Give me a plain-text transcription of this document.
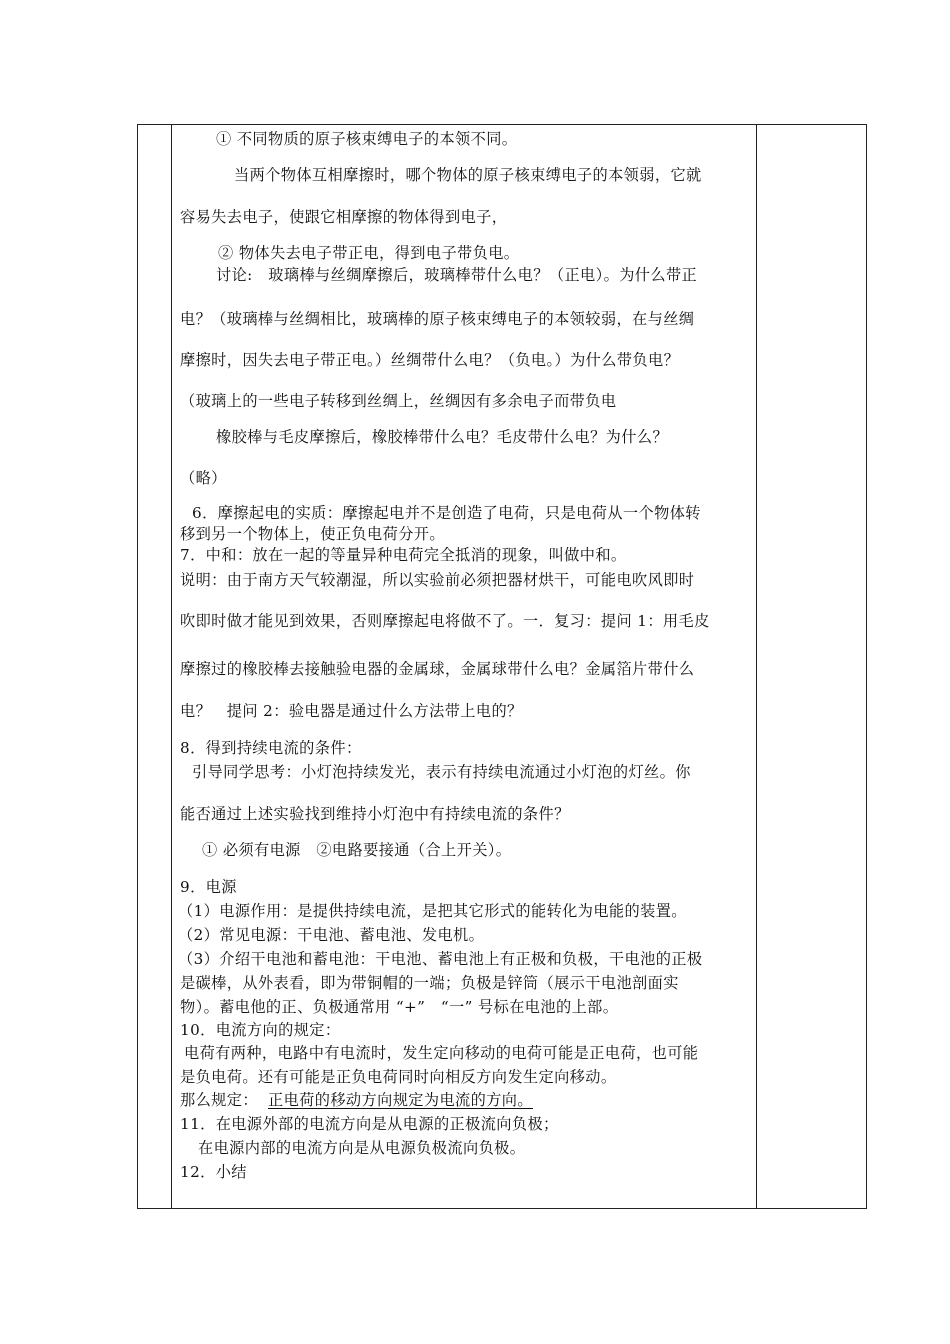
① 不同物质的原子核束缚电子的本领不同。
当两个物体互相摩擦时，哪个物体的原子核束缚电子的本领弱，它就
容易失去电子，使跟它相摩擦的物体得到电子，
② 物体失去电子带正电，得到电子带负电。
讨论:　玻璃棒与丝绸摩擦后，玻璃棒带什么电？（正电）。为什么带正
电？（玻璃棒与丝绸相比，玻璃棒的原子核束缚电子的本领较弱，在与丝绸
摩擦时，因失去电子带正电。）丝绸带什么电？（负电。）为什么带负电？
（玻璃上的一些电子转移到丝绸上，丝绸因有多余电子而带负电
橡胶棒与毛皮摩擦后，橡胶棒带什么电？毛皮带什么电？为什么？
（略）
6．摩擦起电的实质：摩擦起电并不是创造了电荷，只是电荷从一个物体转
移到另一个物体上，使正负电荷分开。
7．中和：放在一起的等量异种电荷完全抵消的现象，叫做中和。
说明：由于南方天气较潮湿，所以实验前必须把器材烘干，可能电吹风即时
吹即时做才能见到效果，否则摩擦起电将做不了。一．复习：提问 1：用毛皮
摩擦过的橡胶棒去接触验电器的金属球，金属球带什么电？金属箔片带什么
电？　提问 2：验电器是通过什么方法带上电的？
8．得到持续电流的条件：
引导同学思考：小灯泡持续发光，表示有持续电流通过小灯泡的灯丝。你
能否通过上述实验找到维持小灯泡中有持续电流的条件？
① 必须有电源　②电路要接通（合上开关）。
9．电源
（1）电源作用：是提供持续电流，是把其它形式的能转化为电能的装置。
（2）常见电源：干电池、蓄电池、发电机。
（3）介绍干电池和蓄电池：干电池、蓄电池上有正极和负极，干电池的正极
是碳棒，从外表看，即为带铜帽的一端；负极是锌筒（展示干电池剖面实
物）。蓄电他的正、负极通常用 “+”　“一” 号标在电池的上部。
10．电流方向的规定：
电荷有两种，电路中有电流时，发生定向移动的电荷可能是正电荷，也可能
是负电荷。还有可能是正负电荷同时向相反方向发生定向移动。
那么规定： 正电荷的移动方向规定为电流的方向。
11．在电源外部的电流方向是从电源的正极流向负极；
在电源内部的电流方向是从电源负极流向负极。
12．小结
